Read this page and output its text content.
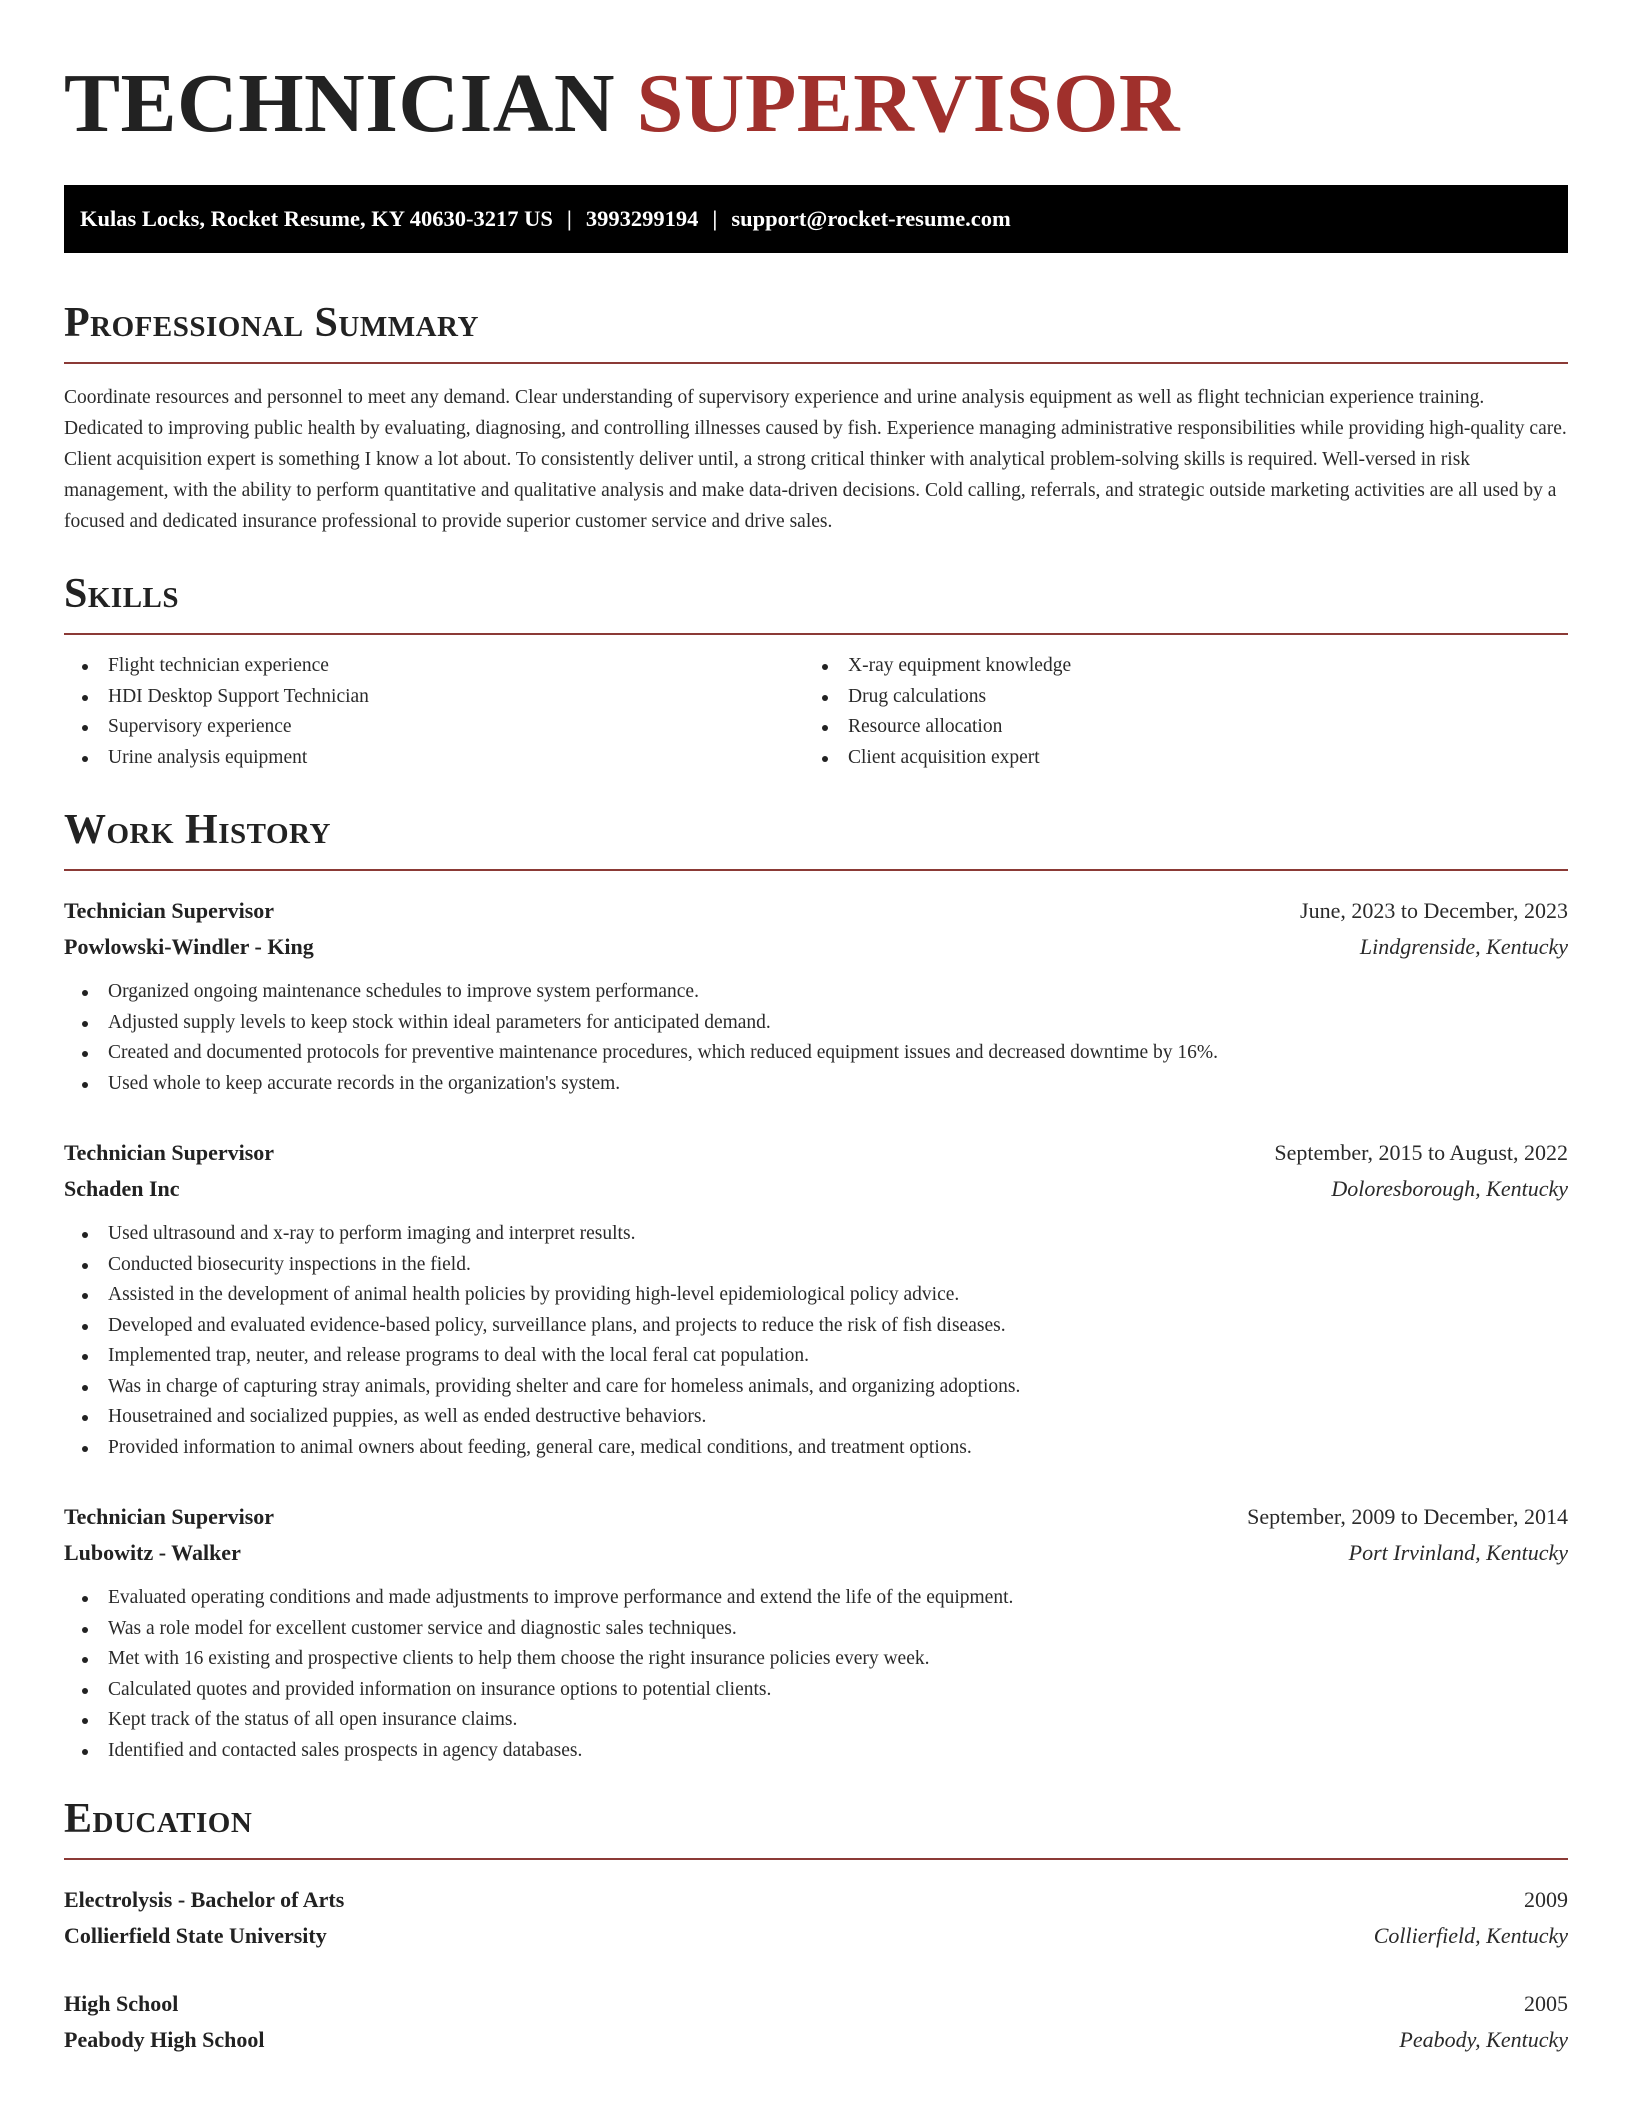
TECHNICIAN SUPERVISOR
Kulas Locks, Rocket Resume, KY 40630-3217 US | 3993299194 | support@rocket-resume.com
Professional Summary

Coordinate resources and personnel to meet any demand. Clear understanding of supervisory experience and urine analysis equipment as well as flight technician experience training. Dedicated to improving public health by evaluating, diagnosing, and controlling illnesses caused by fish. Experience managing administrative responsibilities while providing high-quality care. Client acquisition expert is something I know a lot about. To consistently deliver until, a strong critical thinker with analytical problem-solving skills is required. Well-versed in risk management, with the ability to perform quantitative and qualitative analysis and make data-driven decisions. Cold calling, referrals, and strategic outside marketing activities are all used by a focused and dedicated insurance professional to provide superior customer service and drive sales.

Skills
Flight technician experience
HDI Desktop Support Technician
Supervisory experience
Urine analysis equipment
X-ray equipment knowledge
Drug calculations
Resource allocation
Client acquisition expert
Work History
Technician Supervisor	June, 2023 to December, 2023
Powlowski-Windler - King	Lindgrenside, Kentucky
Organized ongoing maintenance schedules to improve system performance.
Adjusted supply levels to keep stock within ideal parameters for anticipated demand.
Created and documented protocols for preventive maintenance procedures, which reduced equipment issues and decreased downtime by 16%.
Used whole to keep accurate records in the organization's system.
Technician Supervisor	September, 2015 to August, 2022
Schaden Inc	Doloresborough, Kentucky
Used ultrasound and x-ray to perform imaging and interpret results.
Conducted biosecurity inspections in the field.
Assisted in the development of animal health policies by providing high-level epidemiological policy advice.
Developed and evaluated evidence-based policy, surveillance plans, and projects to reduce the risk of fish diseases.
Implemented trap, neuter, and release programs to deal with the local feral cat population.
Was in charge of capturing stray animals, providing shelter and care for homeless animals, and organizing adoptions.
Housetrained and socialized puppies, as well as ended destructive behaviors.
Provided information to animal owners about feeding, general care, medical conditions, and treatment options.
Technician Supervisor	September, 2009 to December, 2014
Lubowitz - Walker	Port Irvinland, Kentucky
Evaluated operating conditions and made adjustments to improve performance and extend the life of the equipment.
Was a role model for excellent customer service and diagnostic sales techniques.
Met with 16 existing and prospective clients to help them choose the right insurance policies every week.
Calculated quotes and provided information on insurance options to potential clients.
Kept track of the status of all open insurance claims.
Identified and contacted sales prospects in agency databases.
Education
Electrolysis - Bachelor of Arts	2009
Collierfield State University	Collierfield, Kentucky
High School	2005
Peabody High School	Peabody, Kentucky
